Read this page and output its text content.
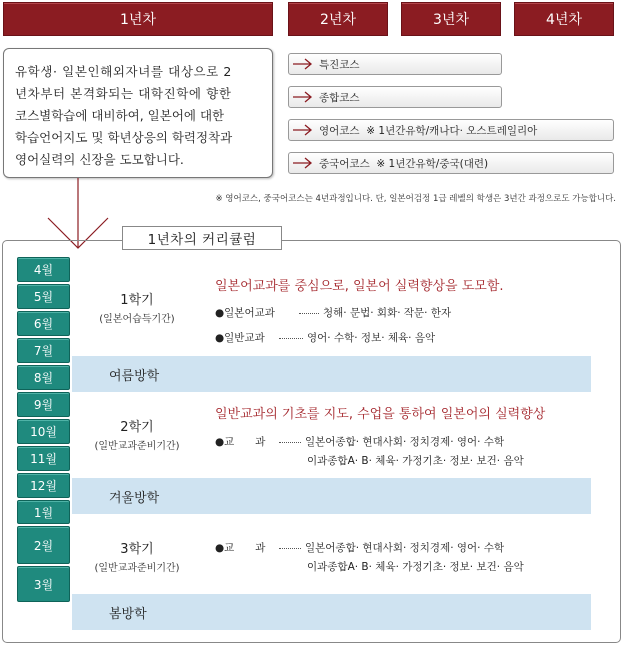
1년차	2년차	3년차	4년차
유학생· 일본인해외자녀를 대상으로 2
년차부터 본격화되는 대학진학에 향한
코스별학습에 대비하여, 일본어에 대한
학습언어지도 및 학년상응의 학력정착과
영어실력의 신장을 도모합니다.
특진코스
종합코스
영어코스  ※ 1년간유학/캐나다· 오스트레일리아
중국어코스  ※ 1년간유학/중국(대련)
※ 영어코스, 중국어코스는 4년과정입니다. 단, 일본어검정 1급 레벨의 학생은 3년간 과정으로도 가능합니다.
1년차의 커리큘럼
여름방학
겨울방학
봄방학
4월
5월
6월
7월
8월
9월
10월
11월
12월
1월
2월
3월
1학기
(일본어습득기간)
일본어교과를 중심으로, 일본어 실력향상을 도모함.
●일본어교과	청해· 문법· 회화· 작문· 한자
●일반교과	영어· 수학· 정보· 체육· 음악
2학기
(일반교과준비기간)
일반교과의 기초를 지도, 수업을 통하여 일본어의 실력향상
●교　　과	일본어종합· 현대사회· 정치경제· 영어· 수학
이과종합A· B· 체육· 가정기초· 정보· 보건· 음악
3학기
(일반교과준비기간)
●교　　과	일본어종합· 현대사회· 정치경제· 영어· 수학
이과종합A· B· 체육· 가정기초· 정보· 보건· 음악
